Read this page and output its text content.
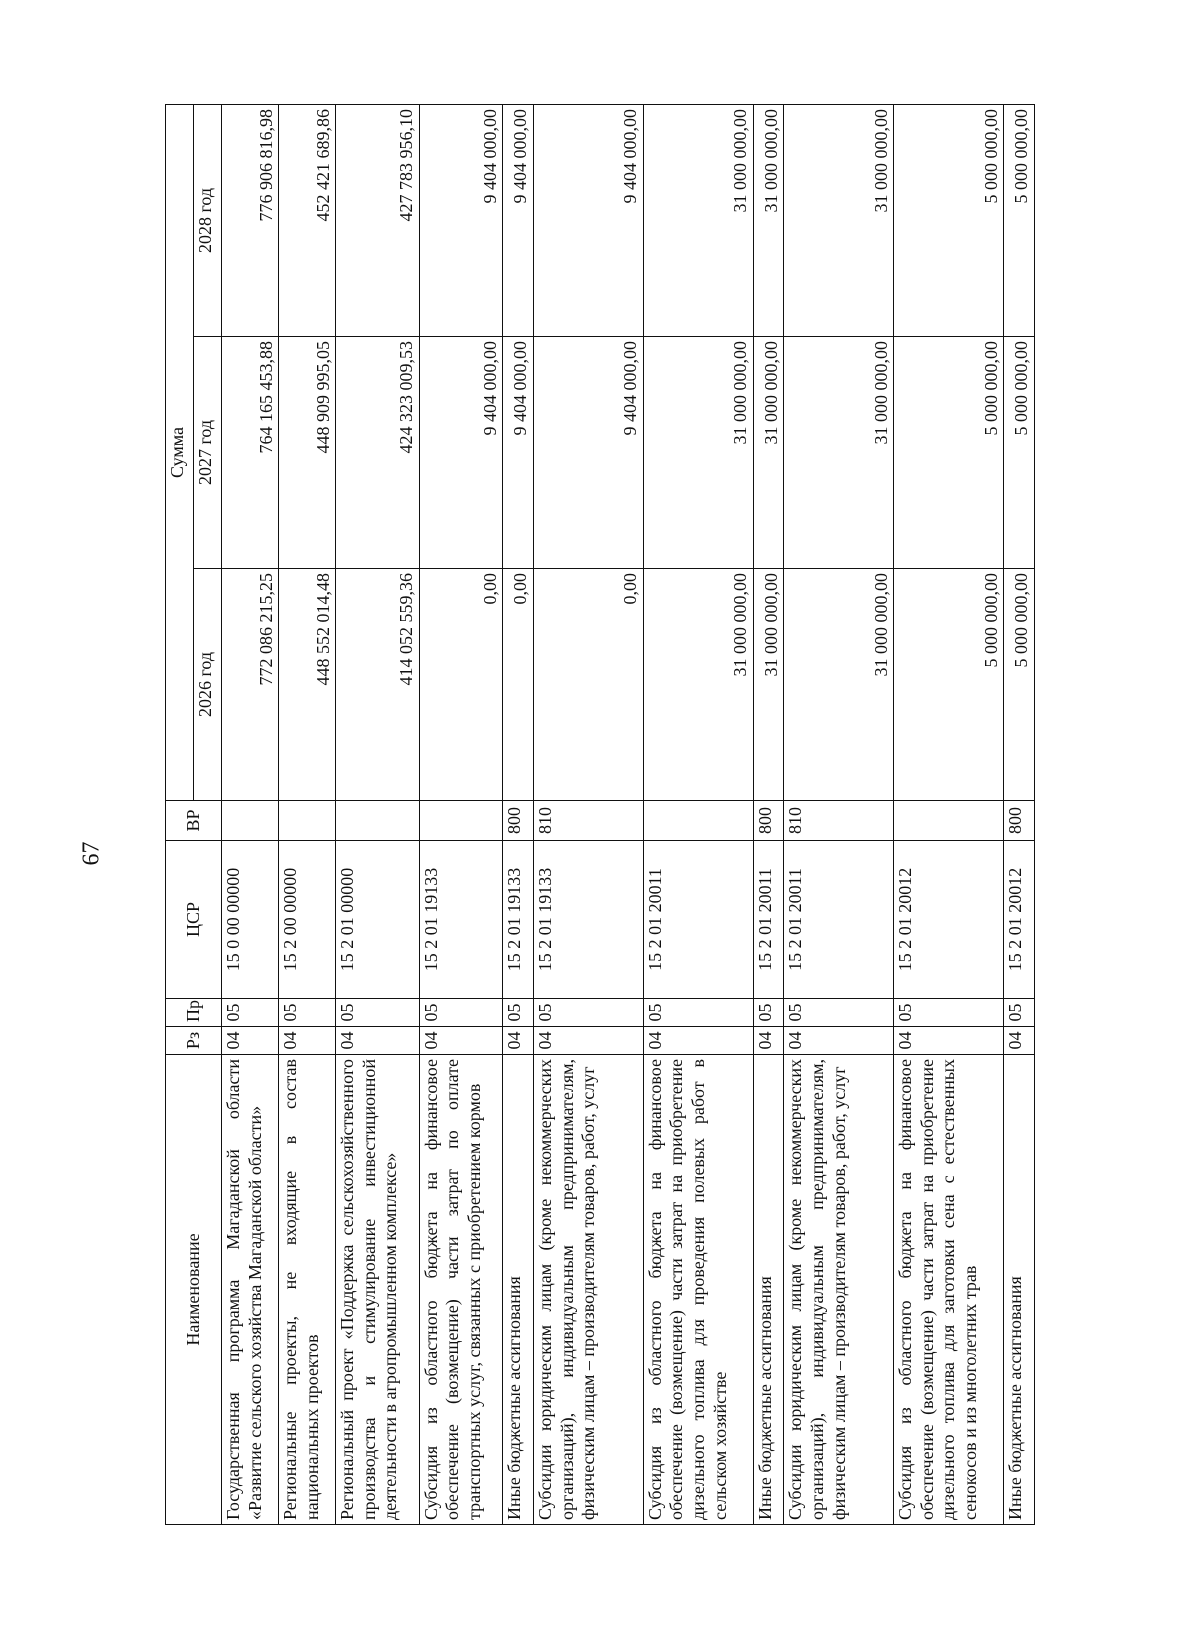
67
Наименование	Рз	Пр	ЦСР	ВР	Сумма		
					2026 год	2027 год	2028 год
Государственная программа Магаданской области «Развитие сельского хозяйства Магаданской области»	04	05	15 0 00 00000		772 086 215,25	764 165 453,88	776 906 816,98
Региональные проекты, не входящие в состав национальных проектов	04	05	15 2 00 00000		448 552 014,48	448 909 995,05	452 421 689,86
Региональный проект «Поддержка сельскохозяйственного производства и стимулирование инвестиционной деятельности в агропромышленном комплексе»	04	05	15 2 01 00000		414 052 559,36	424 323 009,53	427 783 956,10
Субсидия из областного бюджета на финансовое обеспечение (возмещение) части затрат по оплате транспортных услуг, связанных с приобретением кормов	04	05	15 2 01 19133		0,00	9 404 000,00	9 404 000,00
Иные бюджетные ассигнования	04	05	15 2 01 19133	800	0,00	9 404 000,00	9 404 000,00
Субсидии юридическим лицам (кроме некоммерческих организаций), индивидуальным предпринимателям, физическим лицам – производителям товаров, работ, услуг	04	05	15 2 01 19133	810	0,00	9 404 000,00	9 404 000,00
Субсидия из областного бюджета на финансовое обеспечение (возмещение) части затрат на приобретение дизельного топлива для проведения полевых работ в сельском хозяйстве	04	05	15 2 01 20011		31 000 000,00	31 000 000,00	31 000 000,00
Иные бюджетные ассигнования	04	05	15 2 01 20011	800	31 000 000,00	31 000 000,00	31 000 000,00
Субсидии юридическим лицам (кроме некоммерческих организаций), индивидуальным предпринимателям, физическим лицам – производителям товаров, работ, услуг	04	05	15 2 01 20011	810	31 000 000,00	31 000 000,00	31 000 000,00
Субсидия из областного бюджета на финансовое обеспечение (возмещение) части затрат на приобретение дизельного топлива для заготовки сена с естественных сенокосов и из многолетних трав	04	05	15 2 01 20012		5 000 000,00	5 000 000,00	5 000 000,00
Иные бюджетные ассигнования	04	05	15 2 01 20012	800	5 000 000,00	5 000 000,00	5 000 000,00
